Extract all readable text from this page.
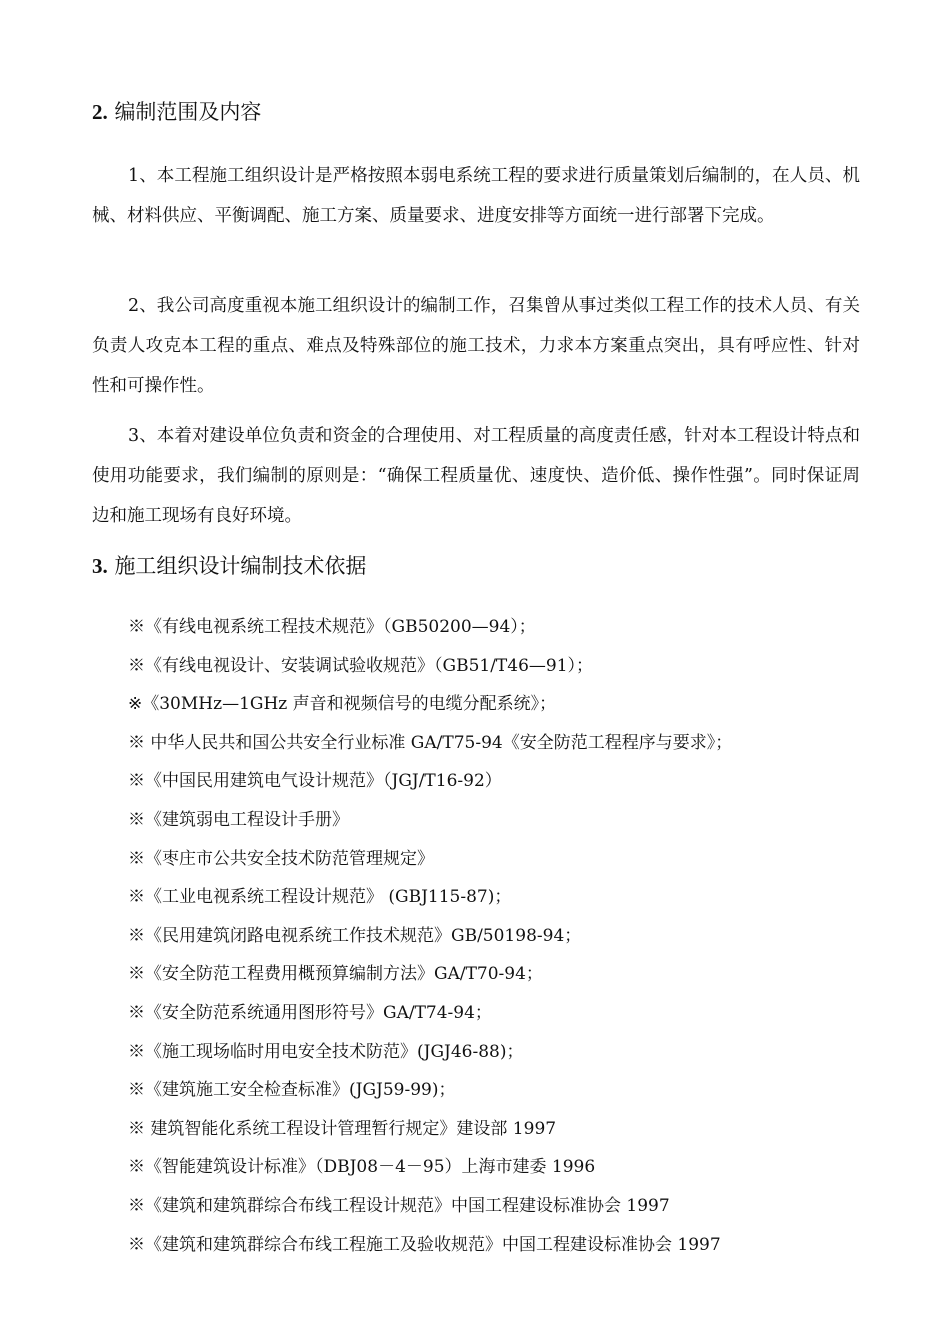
2. 编制范围及内容

1、本工程施工组织设计是严格按照本弱电系统工程的要求进行质量策划后编制的，在人员、机械、材料供应、平衡调配、施工方案、质量要求、进度安排等方面统一进行部署下完成。

2、我公司高度重视本施工组织设计的编制工作，召集曾从事过类似工程工作的技术人员、有关负责人攻克本工程的重点、难点及特殊部位的施工技术，力求本方案重点突出，具有呼应性、针对性和可操作性。

3、本着对建设单位负责和资金的合理使用、对工程质量的高度责任感，针对本工程设计特点和使用功能要求，我们编制的原则是：“确保工程质量优、速度快、造价低、操作性强”。同时保证周边和施工现场有良好环境。

3. 施工组织设计编制技术依据
※《有线电视系统工程技术规范》（GB50200—94）；
※《有线电视设计、安装调试验收规范》（GB51/T46—91）；
※《30MHz—1GHz 声音和视频信号的电缆分配系统》；
※ 中华人民共和国公共安全行业标准 GA/T75-94《安全防范工程程序与要求》；
※《中国民用建筑电气设计规范》（JGJ/T16-92）
※《建筑弱电工程设计手册》
※《枣庄市公共安全技术防范管理规定》
※《工业电视系统工程设计规范》 (GBJ115-87)；
※《民用建筑闭路电视系统工作技术规范》GB/50198-94；
※《安全防范工程费用概预算编制方法》GA/T70-94；
※《安全防范系统通用图形符号》GA/T74-94；
※《施工现场临时用电安全技术防范》(JGJ46-88)；
※《建筑施工安全检查标准》(JGJ59-99)；
※ 建筑智能化系统工程设计管理暂行规定》建设部 1997
※《智能建筑设计标准》（DBJ08－4－95）上海市建委 1996
※《建筑和建筑群综合布线工程设计规范》中国工程建设标准协会 1997
※《建筑和建筑群综合布线工程施工及验收规范》中国工程建设标准协会 1997
